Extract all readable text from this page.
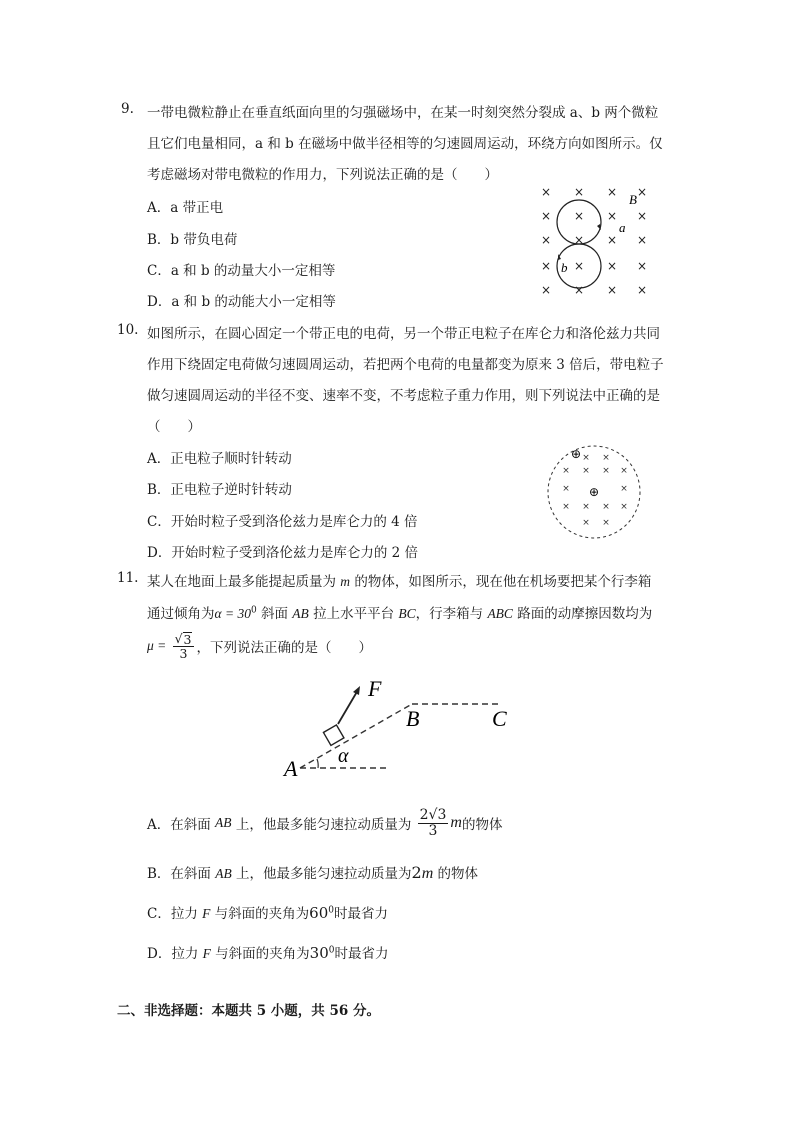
9. 一带电微粒静止在垂直纸面向里的匀强磁场中，在某一时刻突然分裂成 a、b 两个微粒
且它们电量相同，a 和 b 在磁场中做半径相等的匀速圆周运动，环绕方向如图所示。仅
考虑磁场对带电微粒的作用力，下列说法正确的是（　　）
A．a 带正电
B．b 带负电荷
C．a 和 b 的动量大小一定相等
D．a 和 b 的动能大小一定相等
× × ×
× × × ×
× × × ×
× × × ×
× × × ×
×
B
a
b
10. 如图所示，在圆心固定一个带正电的电荷，另一个带正电粒子在库仑力和洛伦兹力共同
作用下绕固定电荷做匀速圆周运动，若把两个电荷的电量都变为原来 3 倍后，带电粒子
做匀速圆周运动的半径不变、速率不变，不考虑粒子重力作用，则下列说法中正确的是
（　　）
A．正电粒子顺时针转动
B．正电粒子逆时针转动
C．开始时粒子受到洛伦兹力是库仑力的 4 倍
D．开始时粒子受到洛伦兹力是库仑力的 2 倍
× ×
× × × ×
×	×
× × × ×
× ×
⊕
⊕
11. 某人在地面上最多能提起质量为 m 的物体，如图所示，现在他在机场要把某个行李箱
通过倾角为$\alpha = 30^0$ 斜面 AB 拉上水平平台 BC，行李箱与 ABC 路面的动摩擦因数均为
$\mu = \frac{√ 3}{3}$ ，下列说法正确的是（　　）
F
A
B	C
α
A．在斜面 AB 上，他最多能匀速拉动质量为 $\frac{2√3}{3}$ m的物体
B．在斜面 AB 上，他最多能匀速拉动质量为2m 的物体
C．拉力 F 与斜面的夹角为$60^0$时最省力
D．拉力 F 与斜面的夹角为$30^0$时最省力
二、非选择题：本题共 5 小题，共 56 分。
